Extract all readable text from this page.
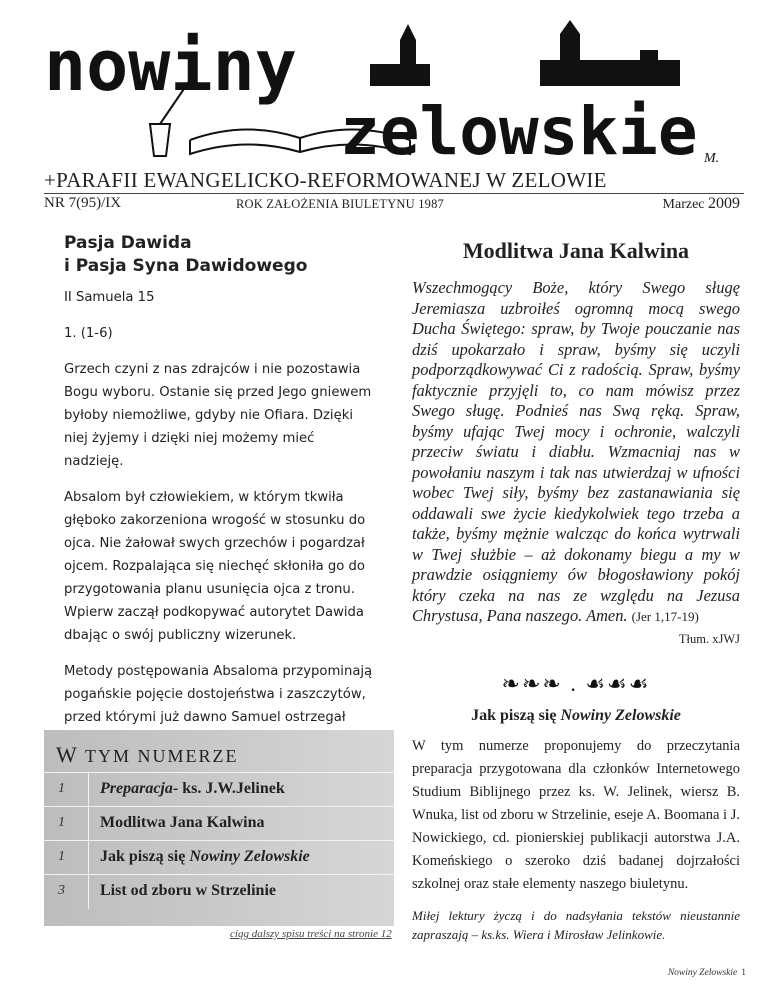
nowiny
zelowskie M.
+PARAFII EWANGELICKO-REFORMOWANEJ W ZELOWIE
NR 7(95)/IX	ROK ZAŁOŻENIA BIULETYNU 1987	Marzec 2009
Pasja Dawida
i Pasja Syna Dawidowego

II Samuela 15

1. (1-6)

Grzech czyni z nas zdrajców i nie pozostawia Bogu wyboru. Ostanie się przed Jego gniewem byłoby niemożliwe, gdyby nie Ofiara. Dzięki niej żyjemy i dzięki niej możemy mieć nadzieję.

Absalom był człowiekiem, w którym tkwiła głęboko zakorzeniona wrogość w stosunku do ojca. Nie żałował swych grzechów i pogardzał ojcem. Rozpalająca się niechęć skłoniła go do przygotowania planu usunięcia ojca z tronu. Wpierw zaczął podkopywać autorytet Dawida dbając o swój publiczny wizerunek.

Metody postępowania Absaloma przypominają pogańskie pojęcie dostojeństwa i zaszczytów, przed którymi już dawno Samuel ostrzegał

W TYM NUMERZE
1 Preparacja- ks. J.W.Jelinek
1 Modlitwa Jana Kalwina
1 Jak piszą się Nowiny Zelowskie
3 List od zboru w Strzelinie
ciąg dalszy spisu treści na stronie 12
Modlitwa Jana Kalwina

Wszechmogący Boże, który Swego sługę Jeremiasza uzbroiłeś ogromną mocą swego Ducha Świętego: spraw, by Twoje pouczanie nas dziś upokarzało i spraw, byśmy się uczyli podporządkowywać Ci z radością. Spraw, byśmy faktycznie przyjęli to, co nam mówisz przez Swego sługę. Podnieś nas Swą ręką. Spraw, byśmy ufając Twej mocy i ochronie, walczyli przeciw światu i diabłu. Wzmacniaj nas w powołaniu naszym i tak nas utwierdzaj w ufności wobec Twej siły, byśmy bez zastanawiania się oddawali swe życie kiedykolwiek tego trzeba a także, byśmy mężnie walcząc do końca wytrwali w Twej służbie – aż dokonamy biegu a my w prawdzie osiągniemy ów błogosławiony pokój który czeka na nas ze względu na Jezusa Chrystusa, Pana naszego. Amen. (Jer 1,17-19)

Tłum. xJWJ
❧❧❧ . ☙☙☙
Jak piszą się Nowiny Zelowskie

W tym numerze proponujemy do przeczytania preparacja przygotowana dla członków Internetowego Studium Biblijnego przez ks. W. Jelinek, wiersz B. Wnuka, list od zboru w Strzelinie, eseje A. Boomana i J. Nowickiego, cd. pionierskiej publikacji autorstwa J.A. Komeńskiego o szeroko dziś badanej dojrzałości szkolnej oraz stałe elementy naszego biuletynu.

Miłej lektury życzą i do nadsyłania tekstów nieustannie zapraszają – ks.ks. Wiera i Mirosław Jelinkowie.

Nowiny Zelowskie 1
